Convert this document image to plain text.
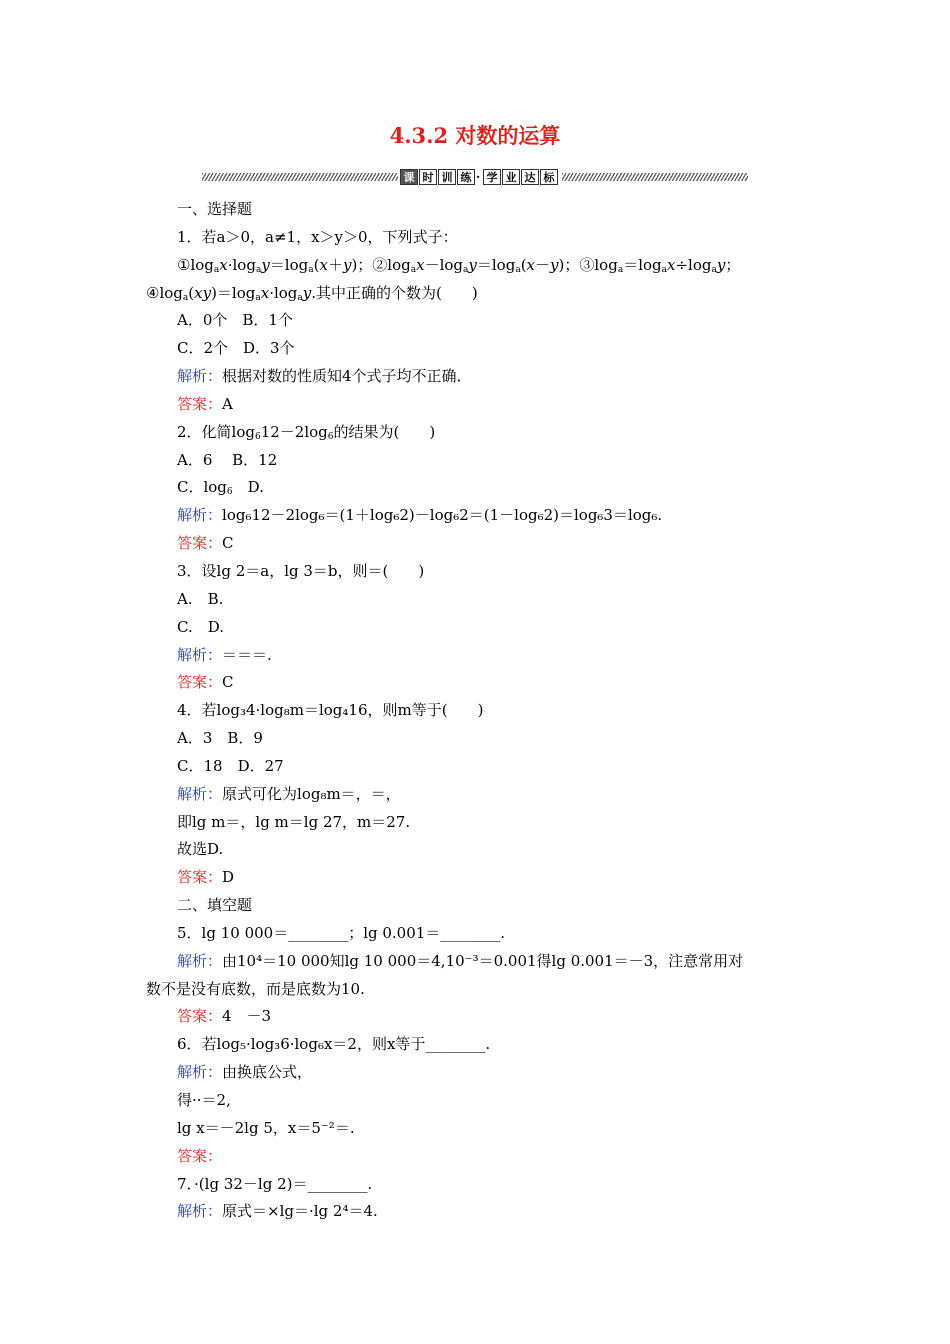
4.3.2 对数的运算
课 时 训 练 · 学 业 达 标
一、选择题
1．若a＞0，a≠1，x＞y＞0，下列式子：
$①\log_ax\cdot\log_ay=\log_a(x+y)$；$②\log_ax-\log_ay=\log_a(x-y)$；$③\log_a=\log_ax\div\log_ay$；
$④\log_a(xy)=\log_ax\cdot\log_ay$.其中正确的个数为(　　)
A．0个　B．1个
C．2个　D．3个
解析：根据对数的性质知4个式子均不正确．
答案：A
2．化简$\log_612-2\log_6$的结果为(　　)
A．6　 B．12
C．$\log_6$　 D.
解析：log₆12－2log₆＝(1＋log₆2)－log₆2＝(1－log₆2)＝log₆3＝log₆.
答案：C
3．设lg 2＝a，lg 3＝b，则＝(　　)
A.　B.
C.　D.
解析：＝＝＝.
答案：C
4．若log₃4·log₈m＝log₄16，则m等于(　　)
A．3　B．9
C．18　D．27
解析：原式可化为log₈m＝，＝，
即lg m＝，lg m＝lg 27，m＝27.
故选D.
答案：D
二、填空题
5．lg 10 000＝________；lg 0.001＝________.
解析：由10⁴＝10 000知lg 10 000＝4,10⁻³＝0.001得lg 0.001＝－3，注意常用对
数不是没有底数，而是底数为10.
答案：4　－3
6．若log₅·log₃6·log₆x＝2，则x等于________.
解析：由换底公式，
得··＝2,
lg x＝－2lg 5，x＝5⁻²＝.
答案：
7．·(lg 32－lg 2)＝________.
解析：原式＝×lg＝·lg 2⁴＝4.
